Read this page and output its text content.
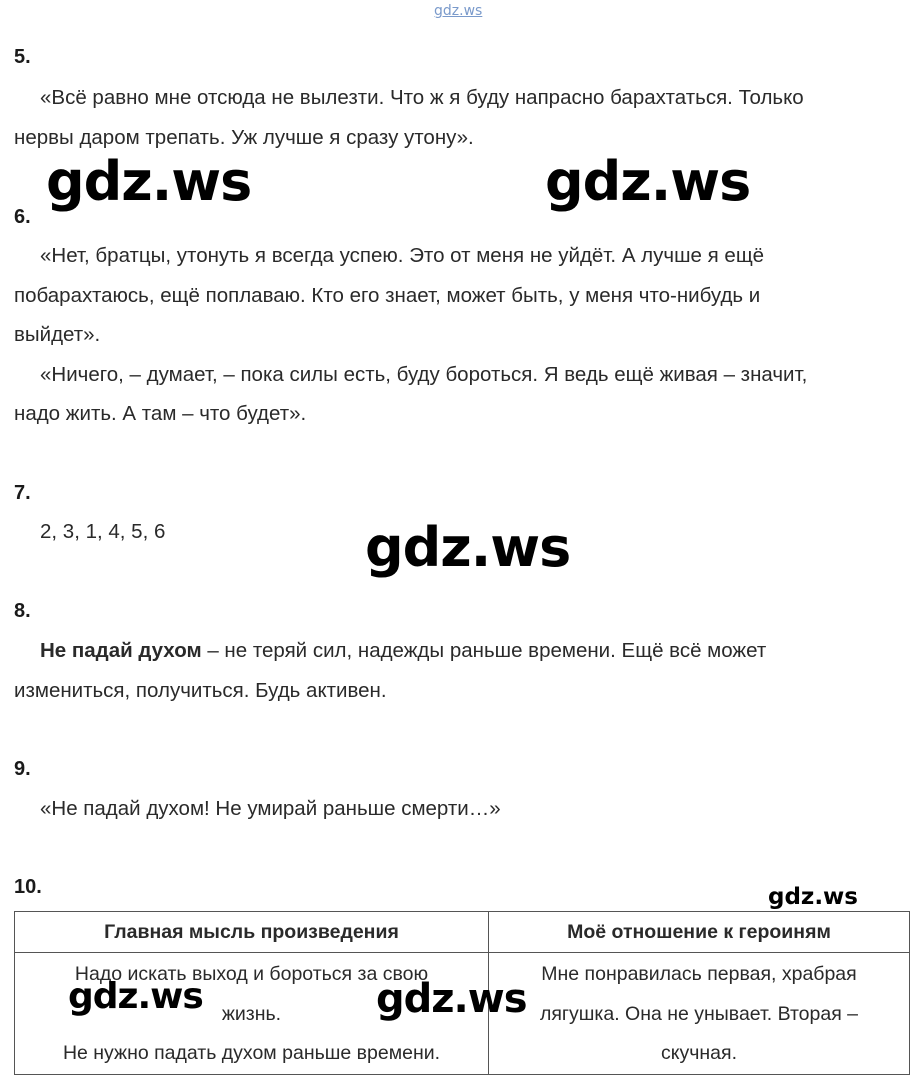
gdz.ws
5.
«Всё равно мне отсюда не вылезти. Что ж я буду напрасно барахтаться. Только
нервы даром трепать. Уж лучше я сразу утону».
gdz.ws	gdz.ws
6.
«Нет, братцы, утонуть я всегда успею. Это от меня не уйдёт. А лучше я ещё
побарахтаюсь, ещё поплаваю. Кто его знает, может быть, у меня что-нибудь и
выйдет».
«Ничего, – думает, – пока силы есть, буду бороться. Я ведь ещё живая – значит,
надо жить. А там – что будет».
7.
2, 3, 1, 4, 5, 6	gdz.ws
8.
Не падай духом – не теряй сил, надежды раньше времени. Ещё всё может
измениться, получиться. Будь активен.
9.
«Не падай духом! Не умирай раньше смерти…»
10.	gdz.ws
Главная мысль произведения	Моё отношение к героиням

Надо искать выход и бороться за свою
жизнь.
Не нужно падать духом раньше времени.	Мне понравилась первая, храбрая
лягушка. Она не унывает. Вторая –
скучная.
gdz.ws	gdz.ws
